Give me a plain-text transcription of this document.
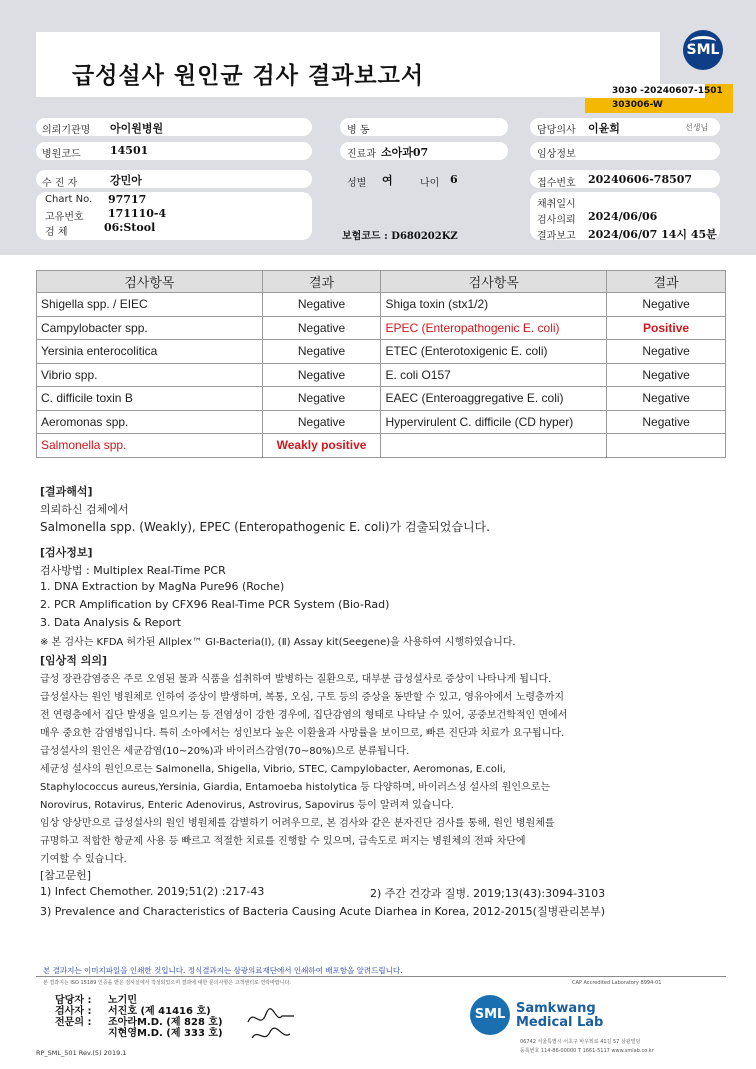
급성설사 원인균 검사 결과보고서
SML
3030 -20240607-1501
303006-W
의뢰기관명 아이원병원	병 동	담당의사 이윤희	선생님
병원코드	14501	진료과 소아과07	임상정보
수 진 자	강민아	성별 여	나이 6	접수번호 20240606-78507
Chart No. 97717
고유번호 171110-4
검 체	06:Stool
보험코드 : D680202KZ
채취일시
검사의뢰 2024/06/06
결과보고 2024/06/07 14시 45분
검사항목	결과	검사항목	결과
Shigella spp. / EIEC	Negative	Shiga toxin (stx1/2)	Negative
Campylobacter spp.	Negative	EPEC (Enteropathogenic E. coli)	Positive
Yersinia enterocolitica	Negative	ETEC (Enterotoxigenic E. coli)	Negative
Vibrio spp.	Negative	E. coli O157	Negative
C. difficile toxin B	Negative	EAEC (Enteroaggregative E. coli)	Negative
Aeromonas spp.	Negative	Hypervirulent C. difficile (CD hyper)	Negative
Salmonella spp.	Weakly positive		
[결과해석]
의뢰하신 검체에서
Salmonella spp. (Weakly), EPEC (Enteropathogenic E. coli)가 검출되었습니다.
[검사정보]
검사방법 : Multiplex Real-Time PCR
1. DNA Extraction by MagNa Pure96 (Roche)
2. PCR Amplification by CFX96 Real-Time PCR System (Bio-Rad)
3. Data Analysis & Report
※ 본 검사는 KFDA 허가된 Allplex™ GI-Bacteria(Ⅰ), (Ⅱ) Assay kit(Seegene)을 사용하여 시행하였습니다.
[임상적 의의]
급성 장관감염증은 주로 오염된 물과 식품을 섭취하여 발병하는 질환으로, 대부분 급성설사로 증상이 나타나게 됩니다.
급성설사는 원인 병원체로 인하여 증상이 발생하며, 복통, 오심, 구토 등의 증상을 동반할 수 있고, 영유아에서 노령층까지
전 연령층에서 집단 발생을 일으키는 등 전염성이 강한 경우에, 집단감염의 형태로 나타날 수 있어, 공중보건학적인 면에서
매우 중요한 감염병입니다. 특히 소아에서는 성인보다 높은 이환율과 사망률을 보이므로, 빠른 진단과 치료가 요구됩니다.
급성설사의 원인은 세균감염(10~20%)과 바이러스감염(70~80%)으로 분류됩니다.
세균성 설사의 원인으로는 Salmonella, Shigella, Vibrio, STEC, Campylobacter, Aeromonas, E.coli,
Staphylococcus aureus,Yersinia, Giardia, Entamoeba histolytica 등 다양하며, 바이러스성 설사의 원인으로는
Norovirus, Rotavirus, Enteric Adenovirus, Astrovirus, Sapovirus 등이 알려져 있습니다.
임상 양상만으로 급성설사의 원인 병원체를 감별하기 어려우므로, 본 검사와 같은 분자진단 검사를 통해, 원인 병원체를
규명하고 적합한 항균제 사용 등 빠르고 적절한 치료를 진행할 수 있으며, 급속도로 퍼지는 병원체의 전파 차단에
기여할 수 있습니다.
[참고문헌]
1) Infect Chemother. 2019;51(2) :217-43	2) 주간 건강과 질병. 2019;13(43):3094-3103
3) Prevalence and Characteristics of Bacteria Causing Acute Diarhea in Korea, 2012-2015(질병관리본부)
본 결과지는 이미지파일을 인쇄한 것입니다. 정식결과지는 삼광의료재단에서 인쇄하여 배포함을 알려드립니다.
본 결과지는 ISO 15189 인증을 받은 검사실에서 작성되었으며 결과에 대한 문의사항은 고객센터로 연락바랍니다.	CAP Accredited Laboratory 8994-01
담당자 : 노기민
검사자 : 서진호 (제 41416 호)
전문의 : 조아라M.D. (제 828 호)
지현영M.D. (제 333 호)
SML Samkwang
Medical Lab
06742 서울특별시 서초구 바우뫼로 41길 57 삼광빌딩
등록번호 114-86-00000 T 1661-5117 www.smlab.co.kr
RP_SML_501 Rev.(5) 2019.1
